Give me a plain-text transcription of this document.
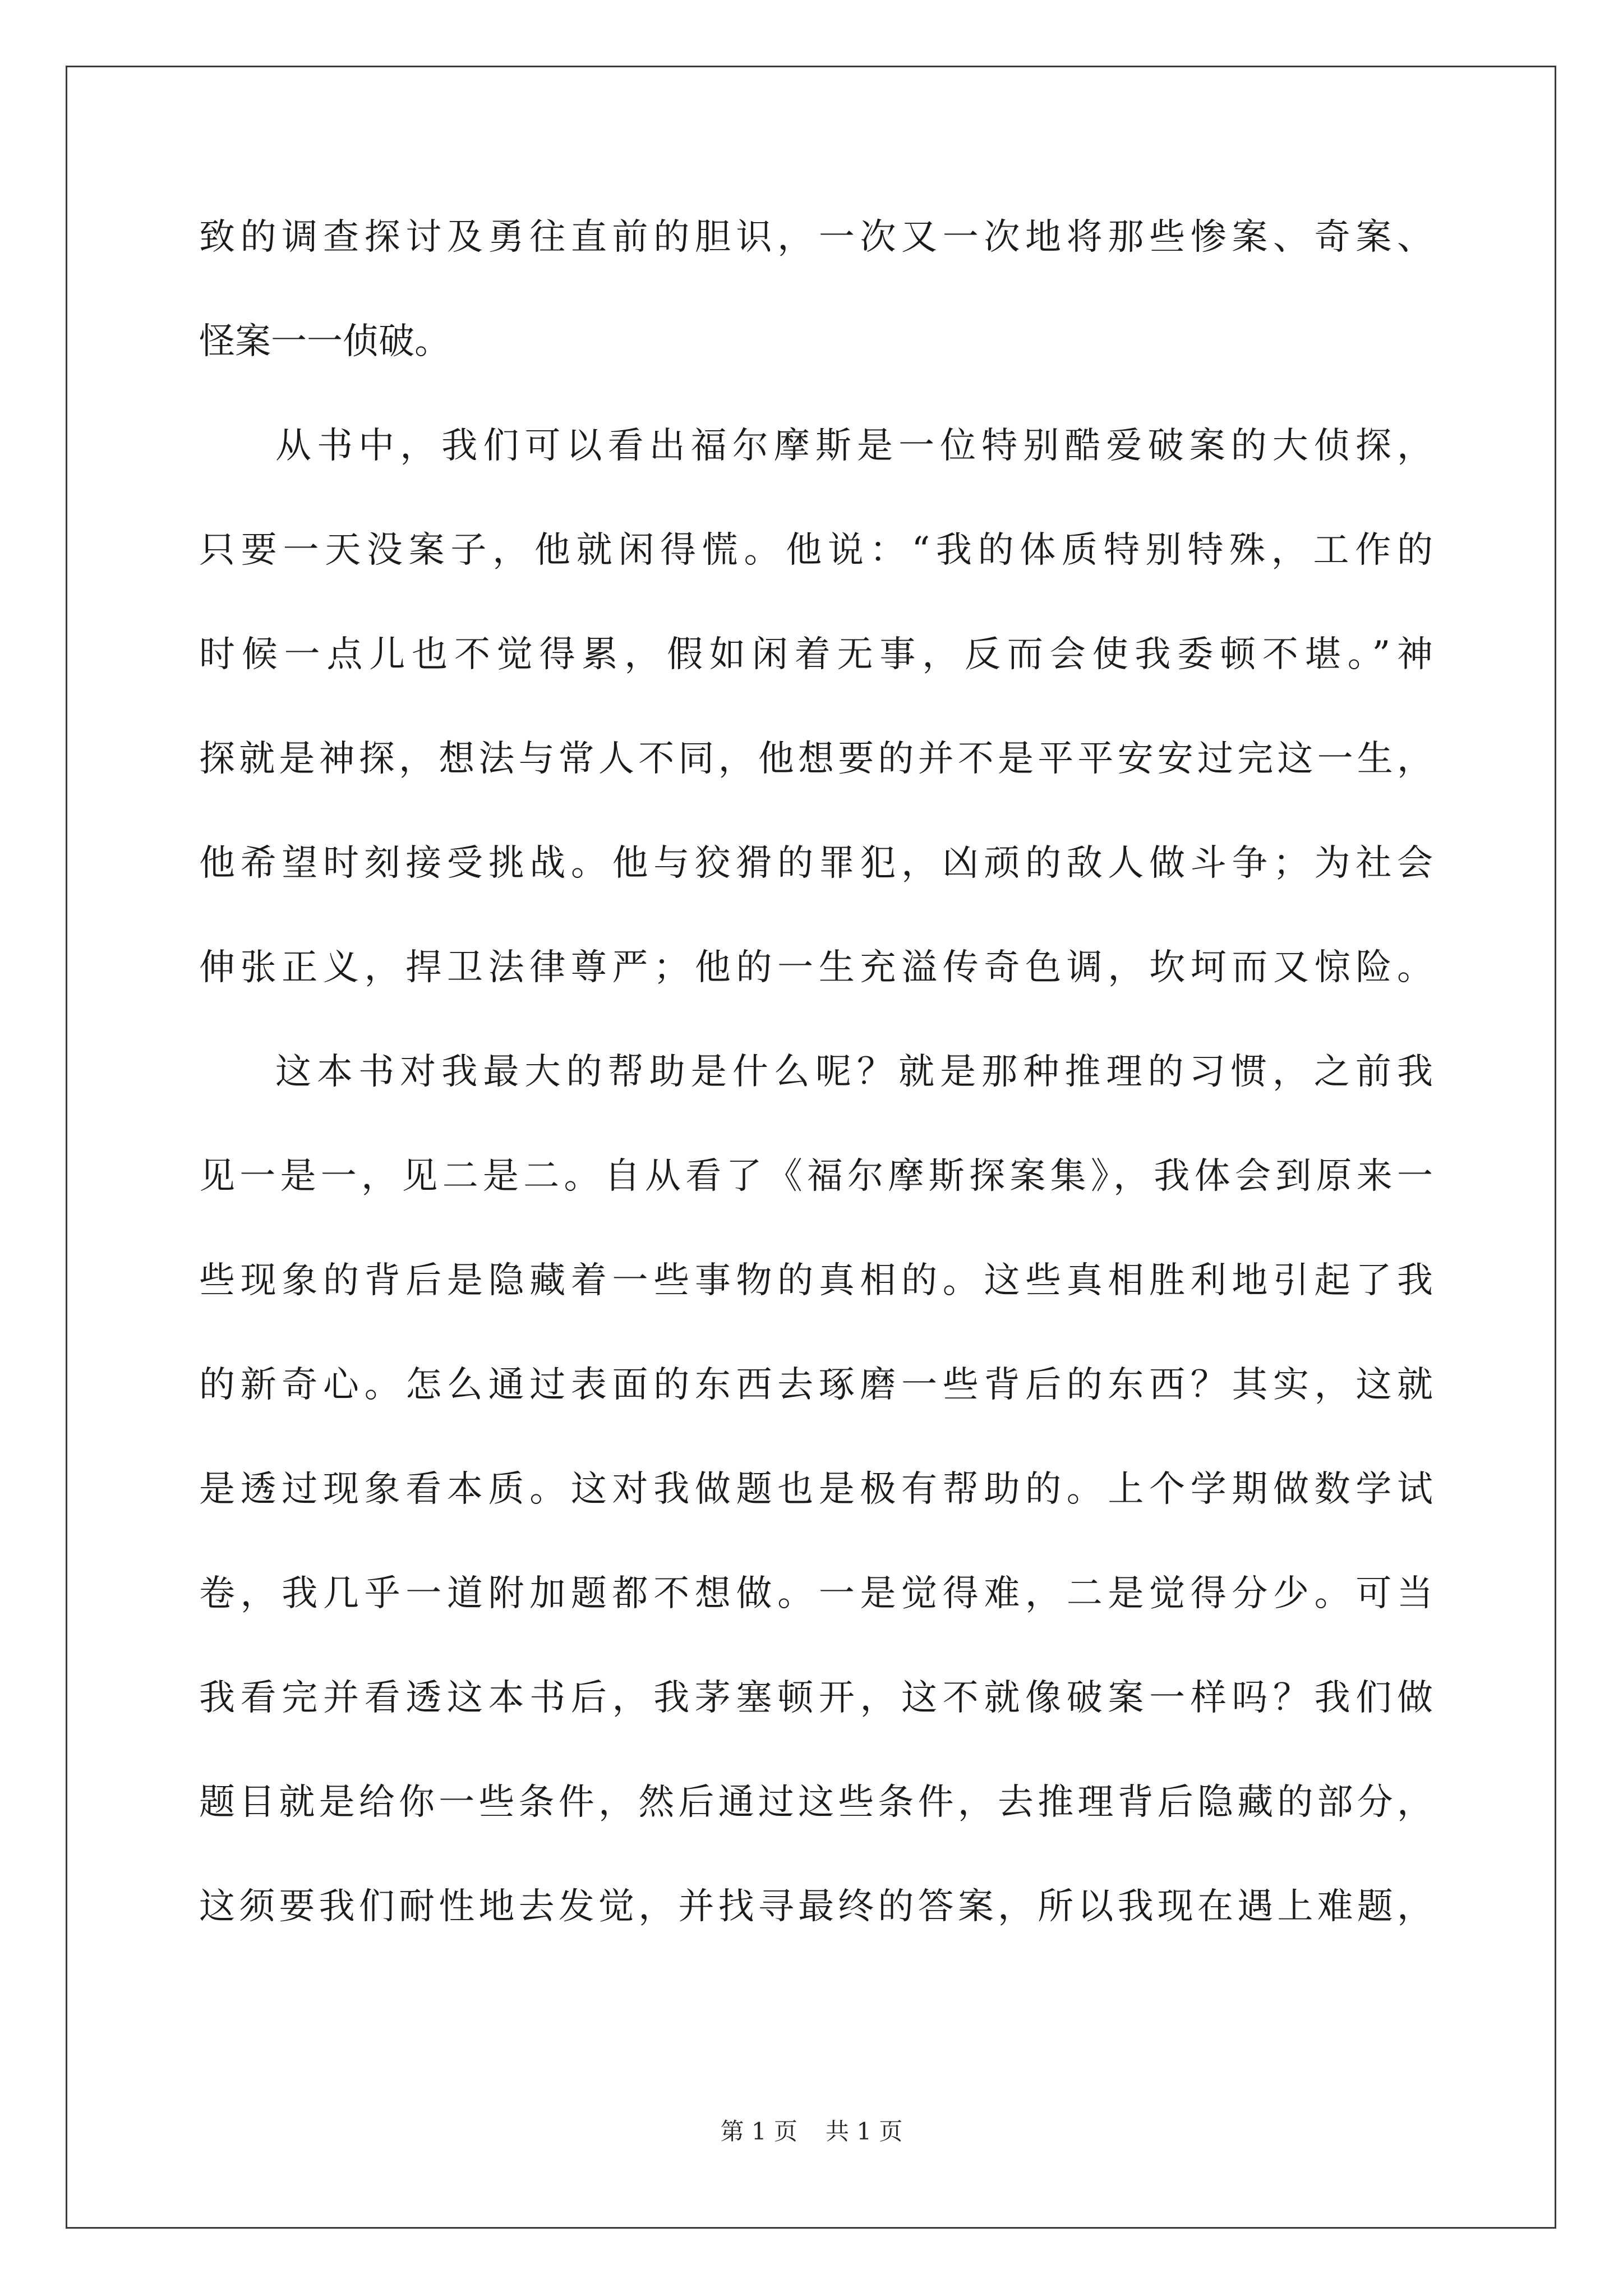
致的调查探讨及勇往直前的胆识，一次又一次地将那些惨案、奇案、
怪案一一侦破。
从书中，我们可以看出福尔摩斯是一位特别酷爱破案的大侦探，
只要一天没案子，他就闲得慌。他说：“我的体质特别特殊，工作的
时候一点儿也不觉得累，假如闲着无事，反而会使我委顿不堪。”神
探就是神探，想法与常人不同，他想要的并不是平平安安过完这一生，
他希望时刻接受挑战。他与狡猾的罪犯，凶顽的敌人做斗争；为社会
伸张正义，捍卫法律尊严；他的一生充溢传奇色调，坎坷而又惊险。
这本书对我最大的帮助是什么呢？就是那种推理的习惯，之前我
见一是一，见二是二。自从看了《福尔摩斯探案集》，我体会到原来一
些现象的背后是隐藏着一些事物的真相的。这些真相胜利地引起了我
的新奇心。怎么通过表面的东西去琢磨一些背后的东西？其实，这就
是透过现象看本质。这对我做题也是极有帮助的。上个学期做数学试
卷，我几乎一道附加题都不想做。一是觉得难，二是觉得分少。可当
我看完并看透这本书后，我茅塞顿开，这不就像破案一样吗？我们做
题目就是给你一些条件，然后通过这些条件，去推理背后隐藏的部分，
这须要我们耐性地去发觉，并找寻最终的答案，所以我现在遇上难题，
第 1 页 共 1 页
